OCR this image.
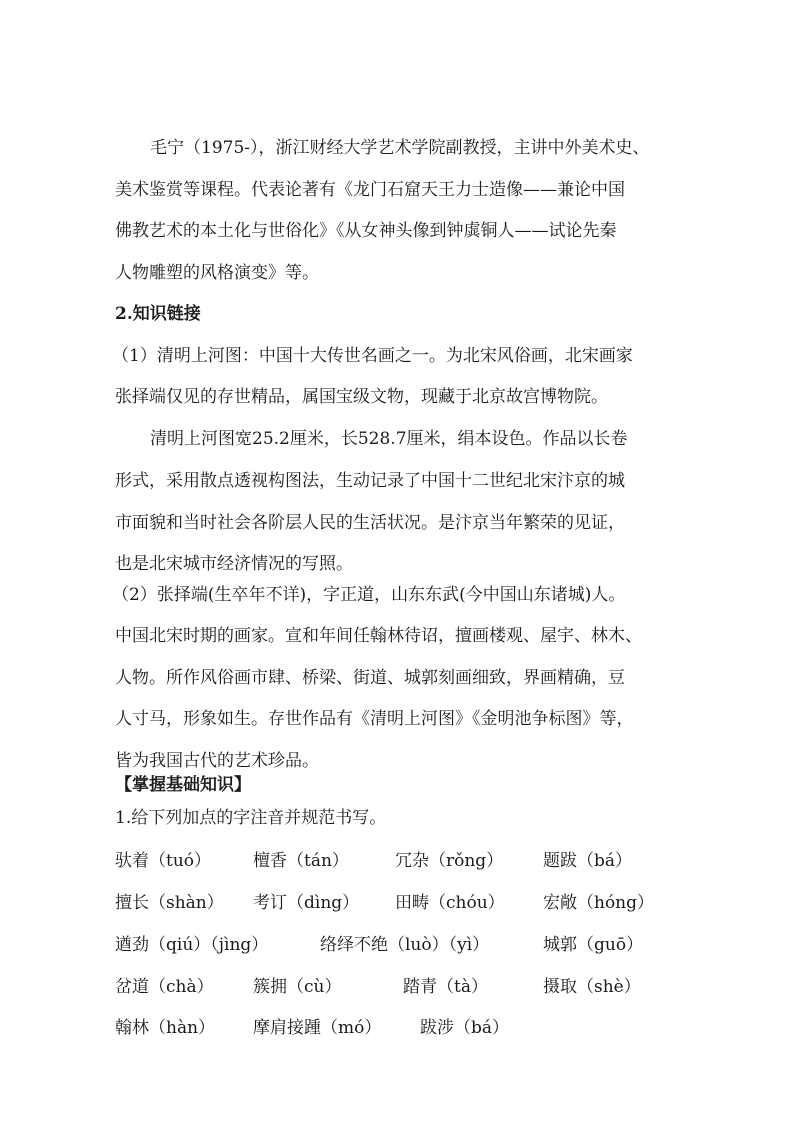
毛宁（1975-），浙江财经大学艺术学院副教授，主讲中外美术史、
美术鉴赏等课程。代表论著有《龙门石窟天王力士造像——兼论中国
佛教艺术的本土化与世俗化》《从女神头像到钟虡铜人——试论先秦
人物雕塑的风格演变》等。
2.知识链接
（1）清明上河图：中国十大传世名画之一。为北宋风俗画，北宋画家
张择端仅见的存世精品，属国宝级文物，现藏于北京故宫博物院。
清明上河图宽25.2厘米，长528.7厘米，绢本设色。作品以长卷
形式，采用散点透视构图法，生动记录了中国十二世纪北宋汴京的城
市面貌和当时社会各阶层人民的生活状况。是汴京当年繁荣的见证，
也是北宋城市经济情况的写照。
（2）张择端(生卒年不详)，字正道，山东东武(今中国山东诸城)人。
中国北宋时期的画家。宣和年间任翰林待诏，擅画楼观、屋宇、林木、
人物。所作风俗画市肆、桥梁、街道、城郭刻画细致，界画精确，豆
人寸马，形象如生。存世作品有《清明上河图》《金明池争标图》等，
皆为我国古代的艺术珍品。
【掌握基础知识】
1.给下列加点的字注音并规范书写。
驮着（tuó） 檀香（tán）	冗杂（rǒng） 题跋（bá）
擅长（shàn） 考订（dìng） 田畴（chóu） 宏敞（hóng）
遒劲（qiú）（jìng）	络绎不绝（luò）（yì）	城郭（guō）
岔道（chà） 簇拥（cù）	踏青（tà）	摄取（shè）
翰林（hàn） 摩肩接踵（mó） 跋涉（bá）
